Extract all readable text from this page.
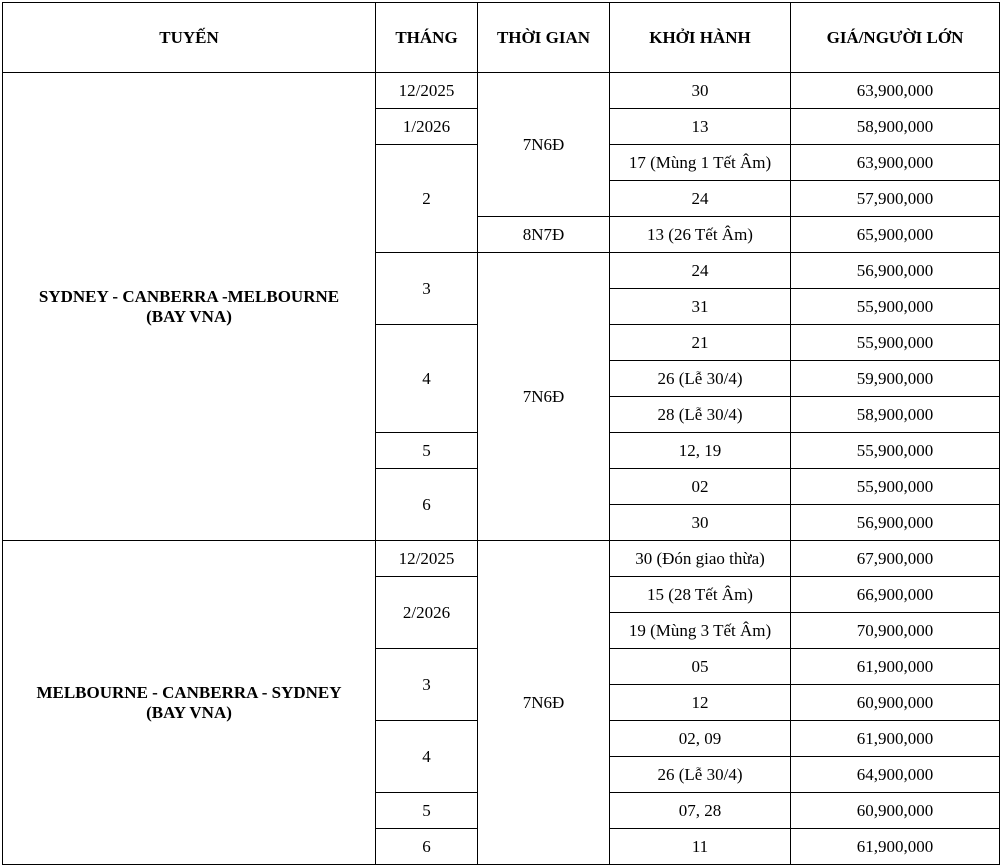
TUYẾN	THÁNG	THỜI GIAN	KHỞI HÀNH	GIÁ/NGƯỜI LỚN
SYDNEY - CANBERRA -MELBOURNE
(BAY VNA)	12/2025	7N6Đ	30	63,900,000
	1/2026		13	58,900,000
	2		17 (Mùng 1 Tết Âm)	63,900,000
			24	57,900,000
		8N7Đ	13 (26 Tết Âm)	65,900,000
	3	7N6Đ	24	56,900,000
			31	55,900,000
	4		21	55,900,000
			26 (Lễ 30/4)	59,900,000
			28 (Lễ 30/4)	58,900,000
	5		12, 19	55,900,000
	6		02	55,900,000
			30	56,900,000
MELBOURNE - CANBERRA - SYDNEY
(BAY VNA)	12/2025	7N6Đ	30 (Đón giao thừa)	67,900,000
	2/2026		15 (28 Tết Âm)	66,900,000
			19 (Mùng 3 Tết Âm)	70,900,000
	3		05	61,900,000
			12	60,900,000
	4		02, 09	61,900,000
			26 (Lễ 30/4)	64,900,000
	5		07, 28	60,900,000
	6		11	61,900,000
